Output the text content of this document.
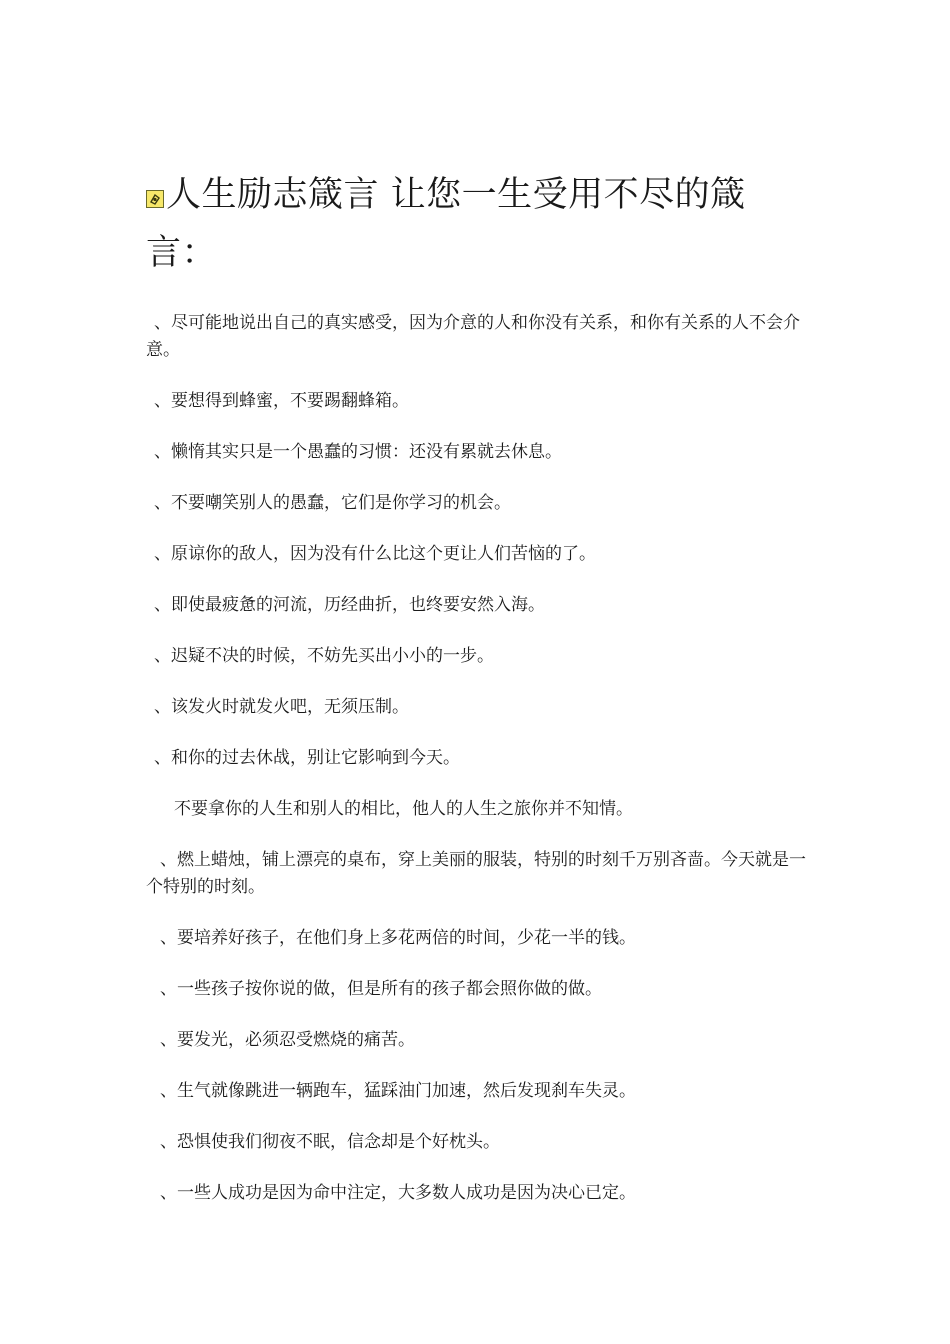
人生励志箴言 让您一生受用不尽的箴
言：

、尽可能地说出自己的真实感受，因为介意的人和你没有关系，和你有关系的人不会介意。

、要想得到蜂蜜，不要踢翻蜂箱。

、懒惰其实只是一个愚蠢的习惯：还没有累就去休息。

、不要嘲笑别人的愚蠢，它们是你学习的机会。

、原谅你的敌人，因为没有什么比这个更让人们苦恼的了。

、即使最疲惫的河流，历经曲折，也终要安然入海。

、迟疑不决的时候，不妨先买出小小的一步。

、该发火时就发火吧，无须压制。

、和你的过去休战，别让它影响到今天。

不要拿你的人生和别人的相比，他人的人生之旅你并不知情。

、燃上蜡烛，铺上漂亮的桌布，穿上美丽的服装，特别的时刻千万别吝啬。今天就是一个特别的时刻。

、要培养好孩子，在他们身上多花两倍的时间，少花一半的钱。

、一些孩子按你说的做，但是所有的孩子都会照你做的做。

、要发光，必须忍受燃烧的痛苦。

、生气就像跳进一辆跑车，猛踩油门加速，然后发现刹车失灵。

、恐惧使我们彻夜不眠，信念却是个好枕头。

、一些人成功是因为命中注定，大多数人成功是因为决心已定。
